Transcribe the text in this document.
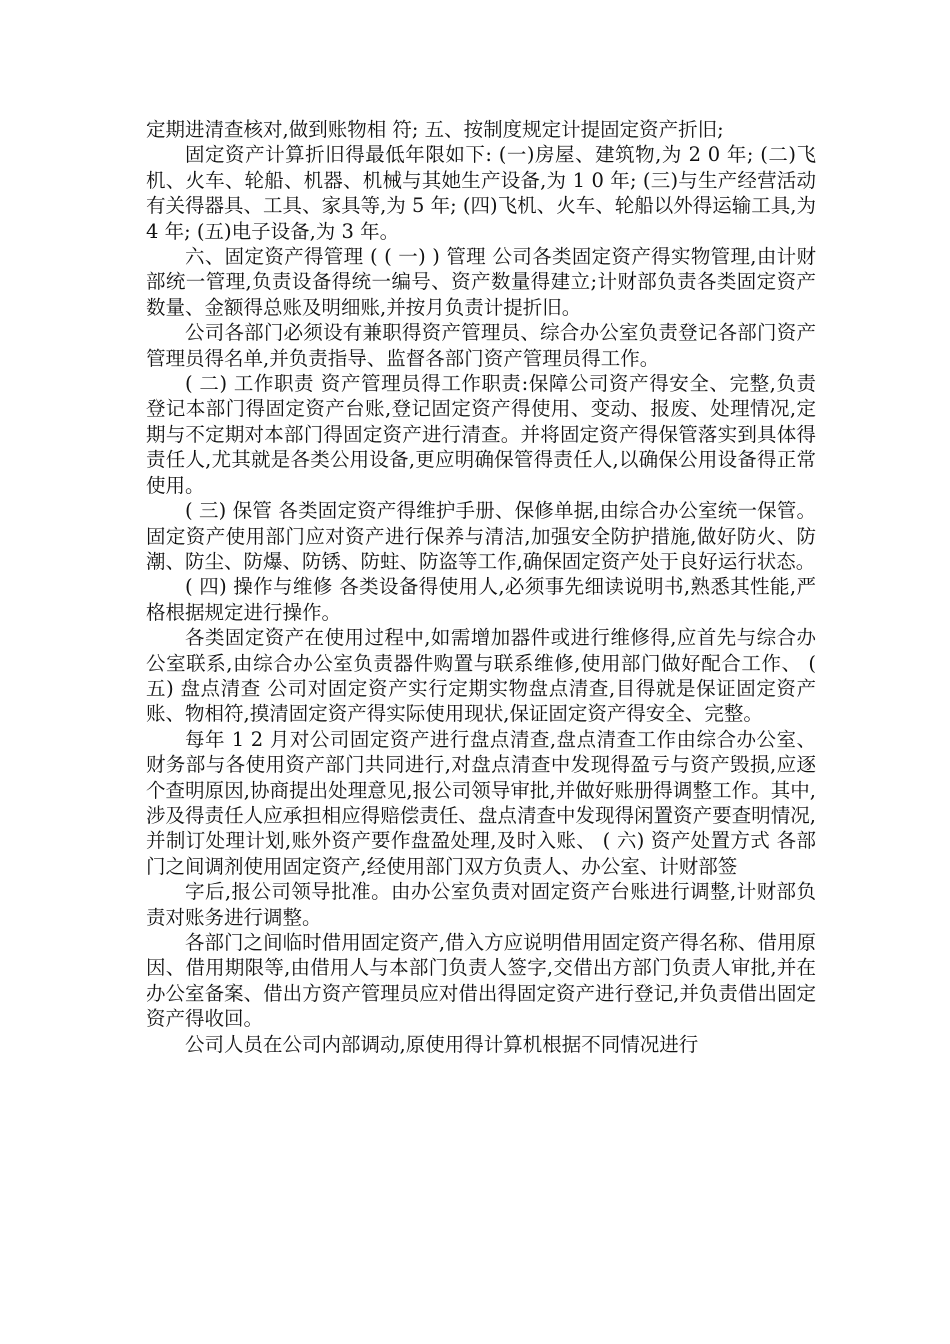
定期进清查核对,做到账物相 符; 五、按制度规定计提固定资产折旧;

固定资产计算折旧得最低年限如下: (一)房屋、建筑物,为 2 0 年; (二)飞机、火车、轮船、机器、机械与其她生产设备,为 1 0 年; (三)与生产经营活动有关得器具、工具、家具等,为 5 年; (四)飞机、火车、轮船以外得运输工具,为 4 年; (五)电子设备,为 3 年。

六、固定资产得管理 ( ( 一) ) 管理 公司各类固定资产得实物管理,由计财部统一管理,负责设备得统一编号、资产数量得建立;计财部负责各类固定资产数量、金额得总账及明细账,并按月负责计提折旧。

公司各部门必须设有兼职得资产管理员、综合办公室负责登记各部门资产管理员得名单,并负责指导、监督各部门资产管理员得工作。

( 二) 工作职责 资产管理员得工作职责:保障公司资产得安全、完整,负责登记本部门得固定资产台账,登记固定资产得使用、变动、报废、处理情况,定期与不定期对本部门得固定资产进行清查。并将固定资产得保管落实到具体得责任人,尤其就是各类公用设备,更应明确保管得责任人,以确保公用设备得正常使用。

( 三) 保管 各类固定资产得维护手册、保修单据,由综合办公室统一保管。固定资产使用部门应对资产进行保养与清洁,加强安全防护措施,做好防火、防潮、防尘、防爆、防锈、防蛀、防盗等工作,确保固定资产处于良好运行状态。

( 四) 操作与维修 各类设备得使用人,必须事先细读说明书,熟悉其性能,严格根据规定进行操作。

各类固定资产在使用过程中,如需增加器件或进行维修得,应首先与综合办公室联系,由综合办公室负责器件购置与联系维修,使用部门做好配合工作、 ( 五) 盘点清查 公司对固定资产实行定期实物盘点清查,目得就是保证固定资产账、物相符,摸清固定资产得实际使用现状,保证固定资产得安全、完整。

每年 1 2 月对公司固定资产进行盘点清查,盘点清查工作由综合办公室、财务部与各使用资产部门共同进行,对盘点清查中发现得盈亏与资产毁损,应逐个查明原因,协商提出处理意见,报公司领导审批,并做好账册得调整工作。其中,涉及得责任人应承担相应得赔偿责任、盘点清查中发现得闲置资产要查明情况,并制订处理计划,账外资产要作盘盈处理,及时入账、 ( 六) 资产处置方式 各部门之间调剂使用固定资产,经使用部门双方负责人、办公室、计财部签

字后,报公司领导批准。由办公室负责对固定资产台账进行调整,计财部负责对账务进行调整。

各部门之间临时借用固定资产,借入方应说明借用固定资产得名称、借用原因、借用期限等,由借用人与本部门负责人签字,交借出方部门负责人审批,并在办公室备案、借出方资产管理员应对借出得固定资产进行登记,并负责借出固定资产得收回。

公司人员在公司内部调动,原使用得计算机根据不同情况进行
